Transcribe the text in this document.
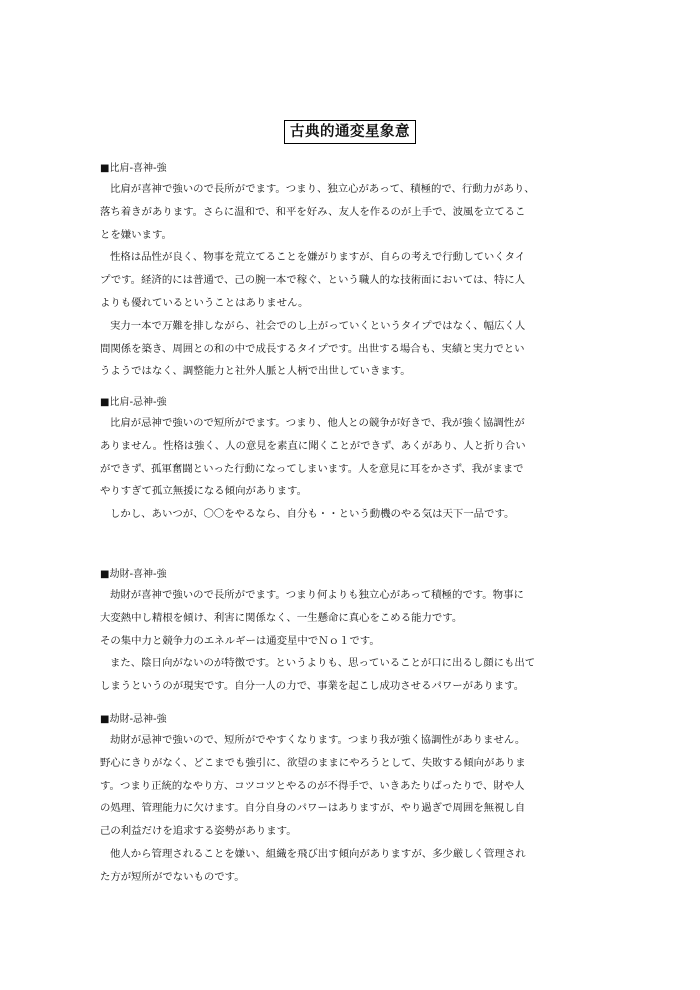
古典的通変星象意

■比肩-喜神-強

比肩が喜神で強いので長所がでます。つまり、独立心があって、積極的で、行動力があり、
落ち着きがあります。さらに温和で、和平を好み、友人を作るのが上手で、波風を立てるこ
とを嫌います。
性格は品性が良く、物事を荒立てることを嫌がりますが、自らの考えで行動していくタイ
プです。経済的には普通で、己の腕一本で稼ぐ、という職人的な技術面においては、特に人
よりも優れているということはありません。
実力一本で万難を排しながら、社会でのし上がっていくというタイプではなく、幅広く人
間関係を築き、周囲との和の中で成長するタイプです。出世する場合も、実績と実力でとい
うようではなく、調整能力と社外人脈と人柄で出世していきます。

■比肩-忌神-強

比肩が忌神で強いので短所がでます。つまり、他人との競争が好きで、我が強く協調性が
ありません。性格は強く、人の意見を素直に聞くことができず、あくがあり、人と折り合い
ができず、孤軍奮闘といった行動になってしまいます。人を意見に耳をかさず、我がままで
やりすぎて孤立無援になる傾向があります。
しかし、あいつが、〇〇をやるなら、自分も・・という動機のやる気は天下一品です。

■劫財-喜神-強

劫財が喜神で強いので長所がでます。つまり何よりも独立心があって積極的です。物事に
大変熱中し精根を傾け、利害に関係なく、一生懸命に真心をこめる能力です。
その集中力と競争力のエネルギーは通変星中でＮｏ１です。
また、陰日向がないのが特徴です。というよりも、思っていることが口に出るし顔にも出て
しまうというのが現実です。自分一人の力で、事業を起こし成功させるパワーがあります。

■劫財-忌神-強

劫財が忌神で強いので、短所がでやすくなります。つまり我が強く協調性がありません。
野心にきりがなく、どこまでも強引に、欲望のままにやろうとして、失敗する傾向がありま
す。つまり正統的なやり方、コツコツとやるのが不得手で、いきあたりばったりで、財や人
の処理、管理能力に欠けます。自分自身のパワーはありますが、やり過ぎで周囲を無視し自
己の利益だけを追求する姿勢があります。
他人から管理されることを嫌い、組織を飛び出す傾向がありますが、多少厳しく管理され
た方が短所がでないものです。
